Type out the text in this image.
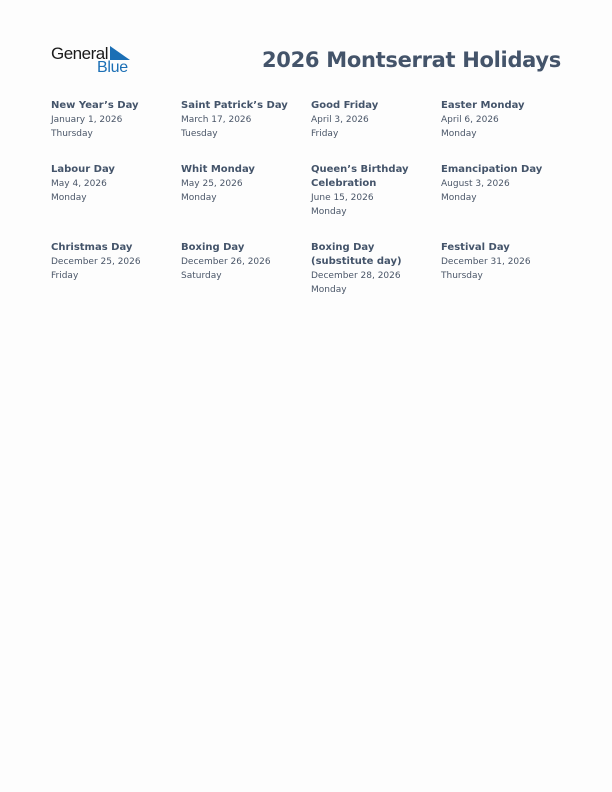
General
Blue	2026 Montserrat Holidays
New Year’s Day
January 1, 2026
Thursday
Saint Patrick’s Day
March 17, 2026
Tuesday
Good Friday
April 3, 2026
Friday
Easter Monday
April 6, 2026
Monday
Labour Day
May 4, 2026
Monday
Whit Monday
May 25, 2026
Monday
Queen’s Birthday Celebration
June 15, 2026
Monday
Emancipation Day
August 3, 2026
Monday
Christmas Day
December 25, 2026
Friday
Boxing Day
December 26, 2026
Saturday
Boxing Day (substitute day)
December 28, 2026
Monday
Festival Day
December 31, 2026
Thursday
